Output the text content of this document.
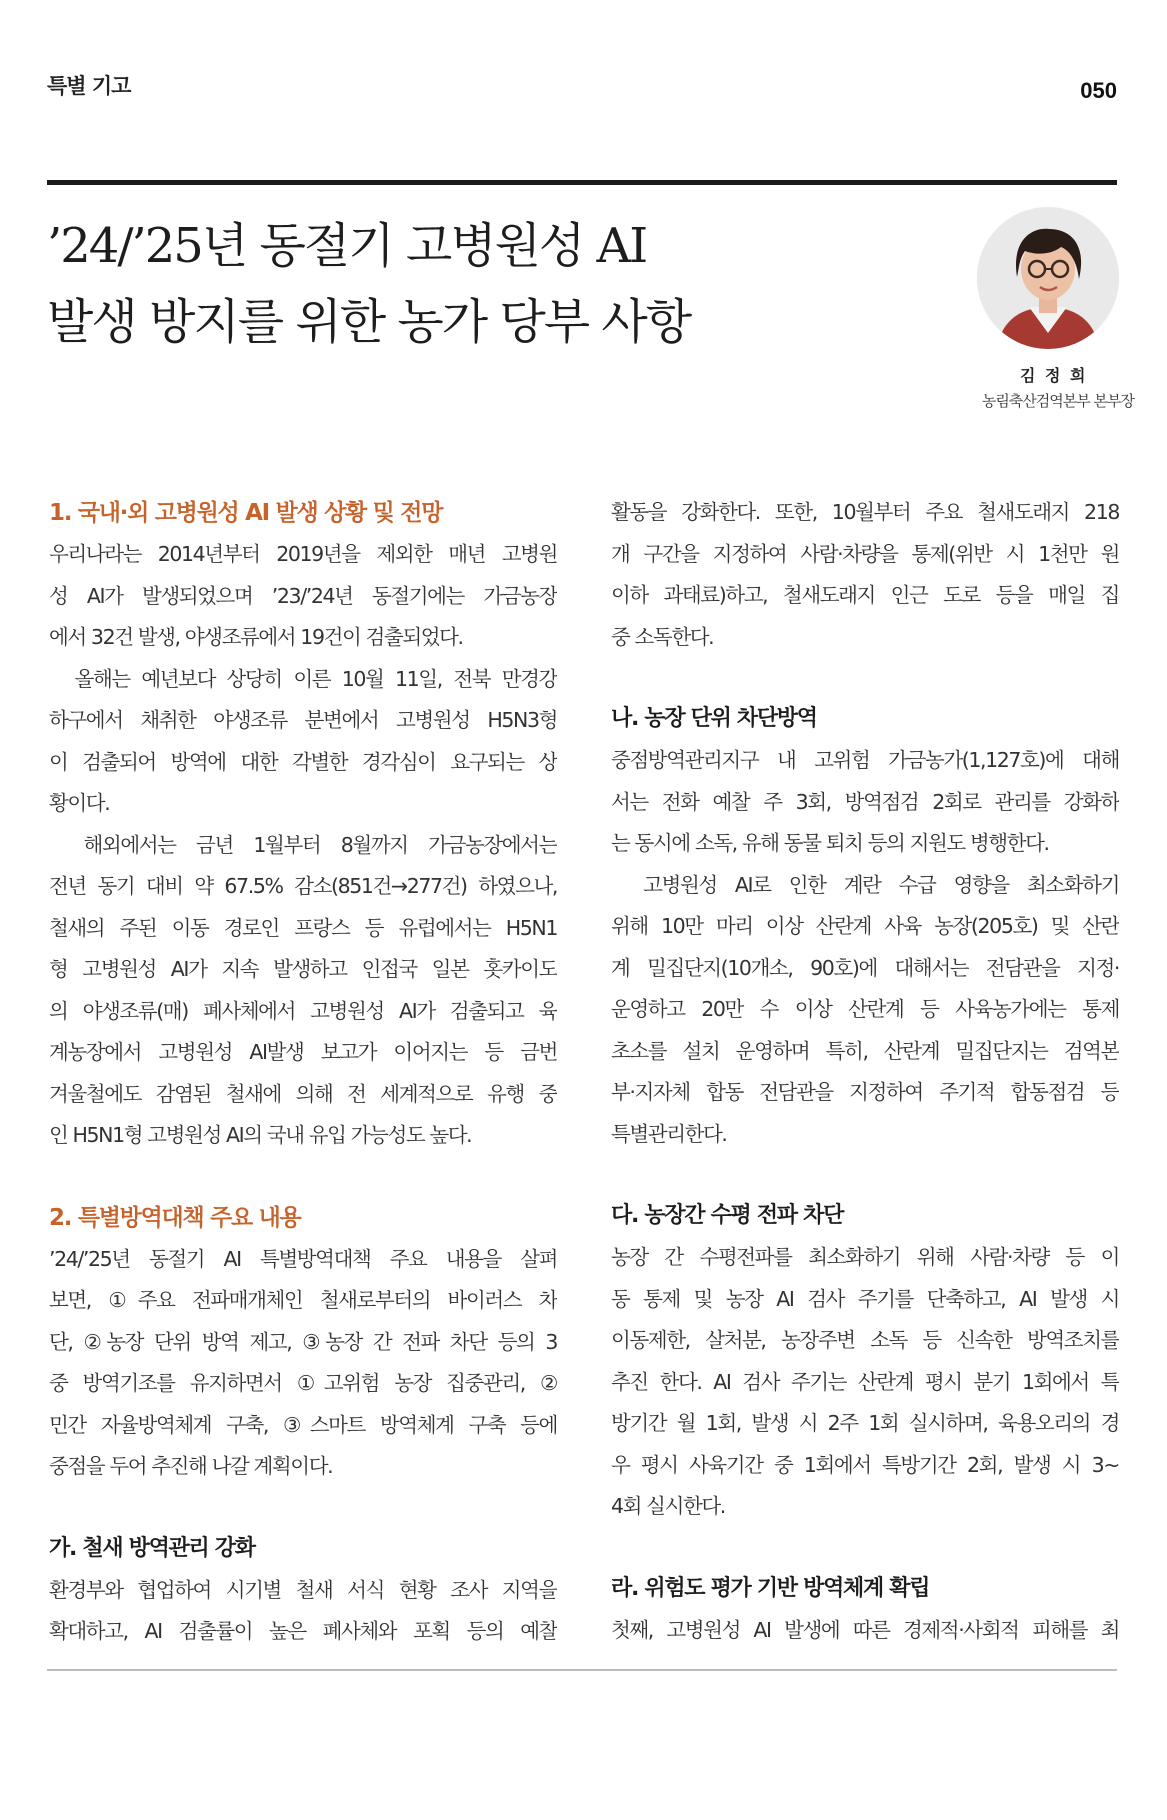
특별 기고	050
’24/’25년 동절기 고병원성 AI
발생 방지를 위한 농가 당부 사항
김 정 희
농림축산검역본부 본부장
1. 국내·외 고병원성 AI 발생 상황 및 전망
우리나라는 2014년부터 2019년을 제외한 매년 고병원
성 AI가 발생되었으며 ’23/’24년 동절기에는 가금농장
에서 32건 발생, 야생조류에서 19건이 검출되었다.
　올해는 예년보다 상당히 이른 10월 11일, 전북 만경강
하구에서 채취한 야생조류 분변에서 고병원성 H5N3형
이 검출되어 방역에 대한 각별한 경각심이 요구되는 상
황이다.
　해외에서는 금년 1월부터 8월까지 가금농장에서는
전년 동기 대비 약 67.5% 감소(851건→277건) 하였으나,
철새의 주된 이동 경로인 프랑스 등 유럽에서는 H5N1
형 고병원성 AI가 지속 발생하고 인접국 일본 홋카이도
의 야생조류(매) 폐사체에서 고병원성 AI가 검출되고 육
계농장에서 고병원성 AI발생 보고가 이어지는 등 금번
겨울철에도 감염된 철새에 의해 전 세계적으로 유행 중
인 H5N1형 고병원성 AI의 국내 유입 가능성도 높다.
2. 특별방역대책 주요 내용
’24/’25년 동절기 AI 특별방역대책 주요 내용을 살펴
보면, ①주요 전파매개체인 철새로부터의 바이러스 차
단, ②농장 단위 방역 제고, ③농장 간 전파 차단 등의 3
중 방역기조를 유지하면서 ①고위험 농장 집중관리, ②
민간 자율방역체계 구축, ③스마트 방역체계 구축 등에
중점을 두어 추진해 나갈 계획이다.
가. 철새 방역관리 강화
환경부와 협업하여 시기별 철새 서식 현황 조사 지역을
확대하고, AI 검출률이 높은 폐사체와 포획 등의 예찰
활동을 강화한다. 또한, 10월부터 주요 철새도래지 218
개 구간을 지정하여 사람·차량을 통제(위반 시 1천만 원
이하 과태료)하고, 철새도래지 인근 도로 등을 매일 집
중 소독한다.
나. 농장 단위 차단방역
중점방역관리지구 내 고위험 가금농가(1,127호)에 대해
서는 전화 예찰 주 3회, 방역점검 2회로 관리를 강화하
는 동시에 소독, 유해 동물 퇴치 등의 지원도 병행한다.
　고병원성 AI로 인한 계란 수급 영향을 최소화하기
위해 10만 마리 이상 산란계 사육 농장(205호) 및 산란
계 밀집단지(10개소, 90호)에 대해서는 전담관을 지정·
운영하고 20만 수 이상 산란계 등 사육농가에는 통제
초소를 설치 운영하며 특히, 산란계 밀집단지는 검역본
부·지자체 합동 전담관을 지정하여 주기적 합동점검 등
특별관리한다.
다. 농장간 수평 전파 차단
농장 간 수평전파를 최소화하기 위해 사람·차량 등 이
동 통제 및 농장 AI 검사 주기를 단축하고, AI 발생 시
이동제한, 살처분, 농장주변 소독 등 신속한 방역조치를
추진 한다. AI 검사 주기는 산란계 평시 분기 1회에서 특
방기간 월 1회, 발생 시 2주 1회 실시하며, 육용오리의 경
우 평시 사육기간 중 1회에서 특방기간 2회, 발생 시 3~
4회 실시한다.
라. 위험도 평가 기반 방역체계 확립
첫째, 고병원성 AI 발생에 따른 경제적·사회적 피해를 최
